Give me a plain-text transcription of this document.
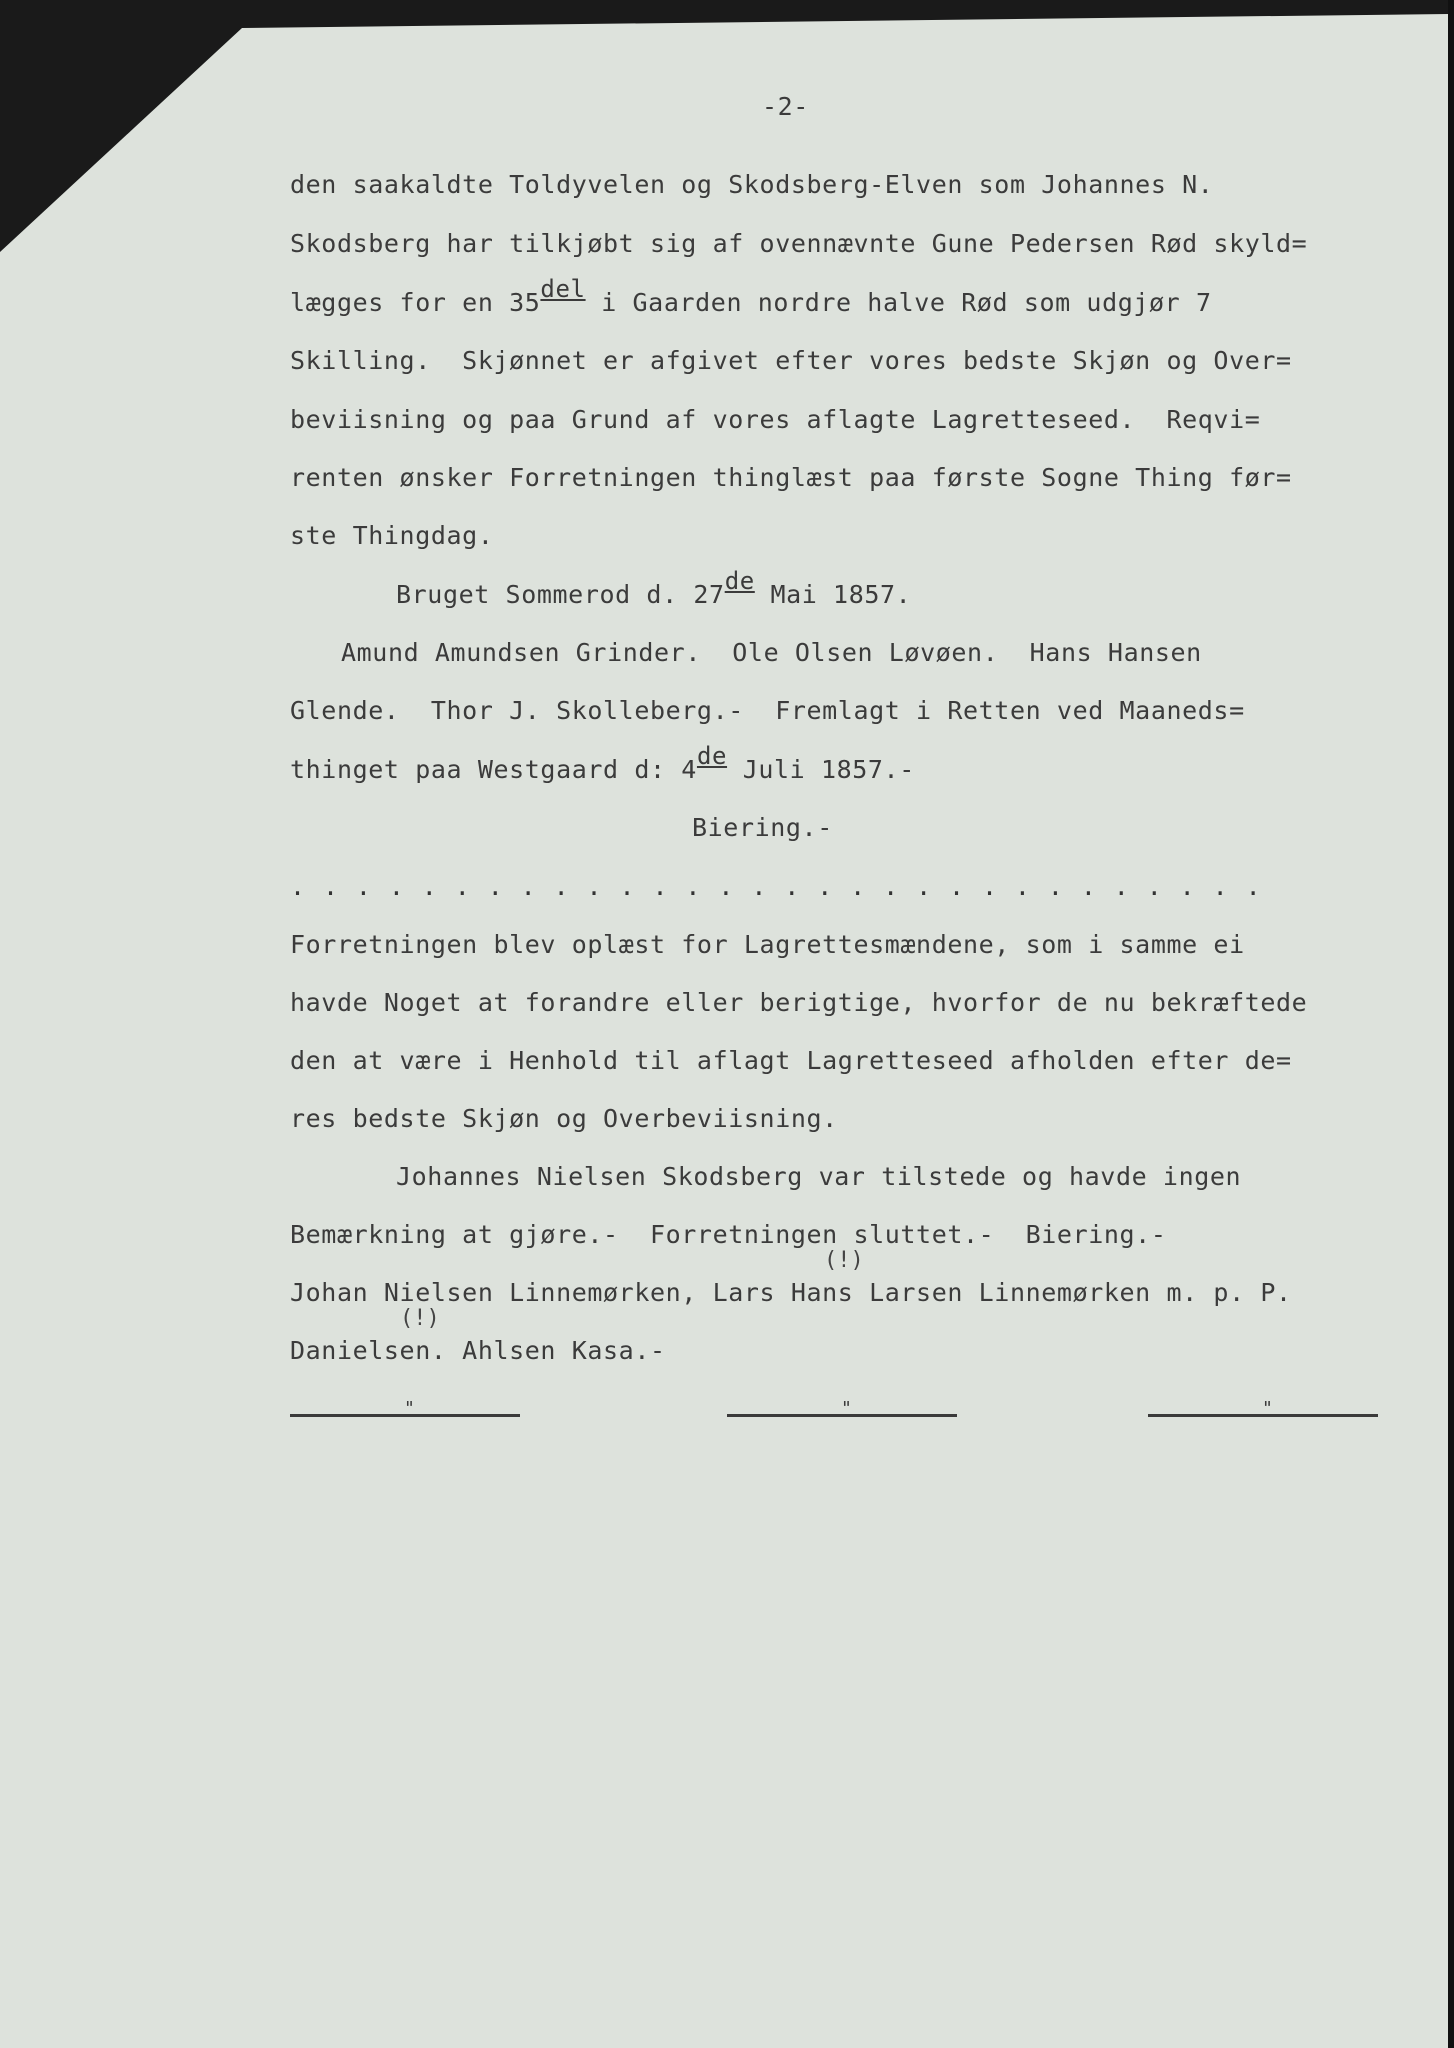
-2-
den saakaldte Toldyvelen og Skodsberg-Elven som Johannes N.
Skodsberg har tilkjøbt sig af ovennævnte Gune Pedersen Rød skyld=
lægges for en 35del i Gaarden nordre halve Rød som udgjør 7
Skilling.  Skjønnet er afgivet efter vores bedste Skjøn og Over=
beviisning og paa Grund af vores aflagte Lagretteseed.  Reqvi=
renten ønsker Forretningen thinglæst paa første Sogne Thing før=
ste Thingdag.
Bruget Sommerod d. 27de Mai 1857.
Amund Amundsen Grinder.  Ole Olsen Løvøen.  Hans Hansen
Glende.  Thor J. Skolleberg.-  Fremlagt i Retten ved Maaneds=
thinget paa Westgaard d: 4de Juli 1857.-
Biering.-
..............................
Forretningen blev oplæst for Lagrettesmændene, som i samme ei
havde Noget at forandre eller berigtige, hvorfor de nu bekræftede
den at være i Henhold til aflagt Lagretteseed afholden efter de=
res bedste Skjøn og Overbeviisning.
Johannes Nielsen Skodsberg var tilstede og havde ingen
Bemærkning at gjøre.-  Forretningen sluttet.-  Biering.-
(!)
Johan Nielsen Linnemørken, Lars Hans Larsen Linnemørken m. p. P.
(!)
Danielsen. Ahlsen Kasa.-
"	"	"
